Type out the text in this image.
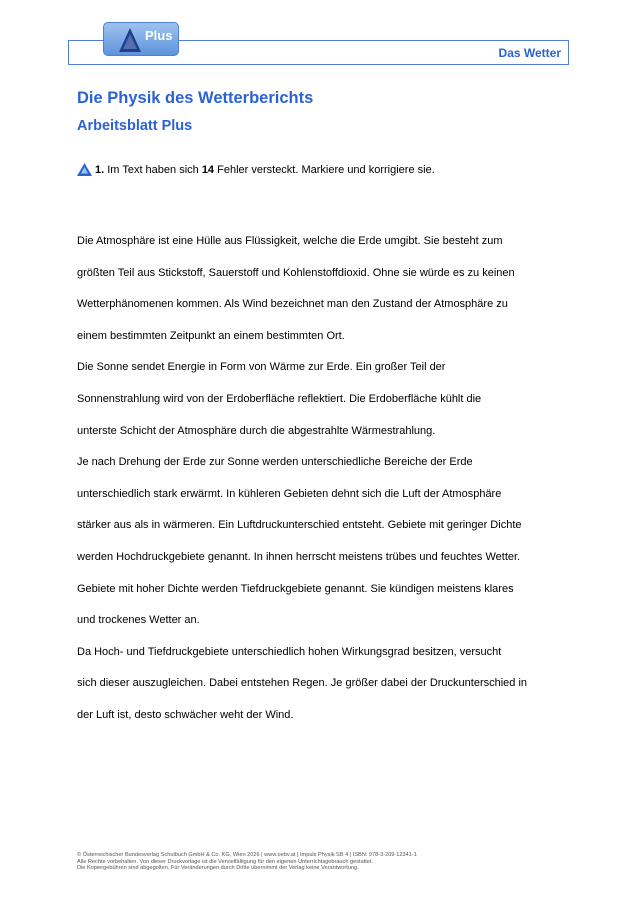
Das Wetter
Plus
Die Physik des Wetterberichts
Arbeitsblatt Plus
1. Im Text haben sich 14 Fehler versteckt. Markiere und korrigiere sie.
Die Atmosphäre ist eine Hülle aus Flüssigkeit, welche die Erde umgibt. Sie besteht zum
größten Teil aus Stickstoff, Sauerstoff und Kohlenstoffdioxid. Ohne sie würde es zu keinen
Wetterphänomenen kommen. Als Wind bezeichnet man den Zustand der Atmosphäre zu
einem bestimmten Zeitpunkt an einem bestimmten Ort.
Die Sonne sendet Energie in Form von Wärme zur Erde. Ein großer Teil der
Sonnenstrahlung wird von der Erdoberfläche reflektiert. Die Erdoberfläche kühlt die
unterste Schicht der Atmosphäre durch die abgestrahlte Wärmestrahlung.
Je nach Drehung der Erde zur Sonne werden unterschiedliche Bereiche der Erde
unterschiedlich stark erwärmt. In kühleren Gebieten dehnt sich die Luft der Atmosphäre
stärker aus als in wärmeren. Ein Luftdruckunterschied entsteht. Gebiete mit geringer Dichte
werden Hochdruckgebiete genannt. In ihnen herrscht meistens trübes und feuchtes Wetter.
Gebiete mit hoher Dichte werden Tiefdruckgebiete genannt. Sie kündigen meistens klares
und trockenes Wetter an.
Da Hoch- und Tiefdruckgebiete unterschiedlich hohen Wirkungsgrad besitzen, versucht
sich dieser auszugleichen. Dabei entstehen Regen. Je größer dabei der Druckunterschied in
der Luft ist, desto schwächer weht der Wind.
© Österreichischer Bundesverlag Schulbuch GmbH & Co. KG, Wien 2026 | www.oebv.at | Impuls Physik SB 4 | ISBN: 978-3-209-12341-1
Alle Rechte vorbehalten. Von dieser Druckvorlage ist die Vervielfältigung für den eigenen Unterrichtsgebrauch gestattet.
Die Kopiergebühren sind abgegolten. Für Veränderungen durch Dritte übernimmt der Verlag keine Verantwortung.
